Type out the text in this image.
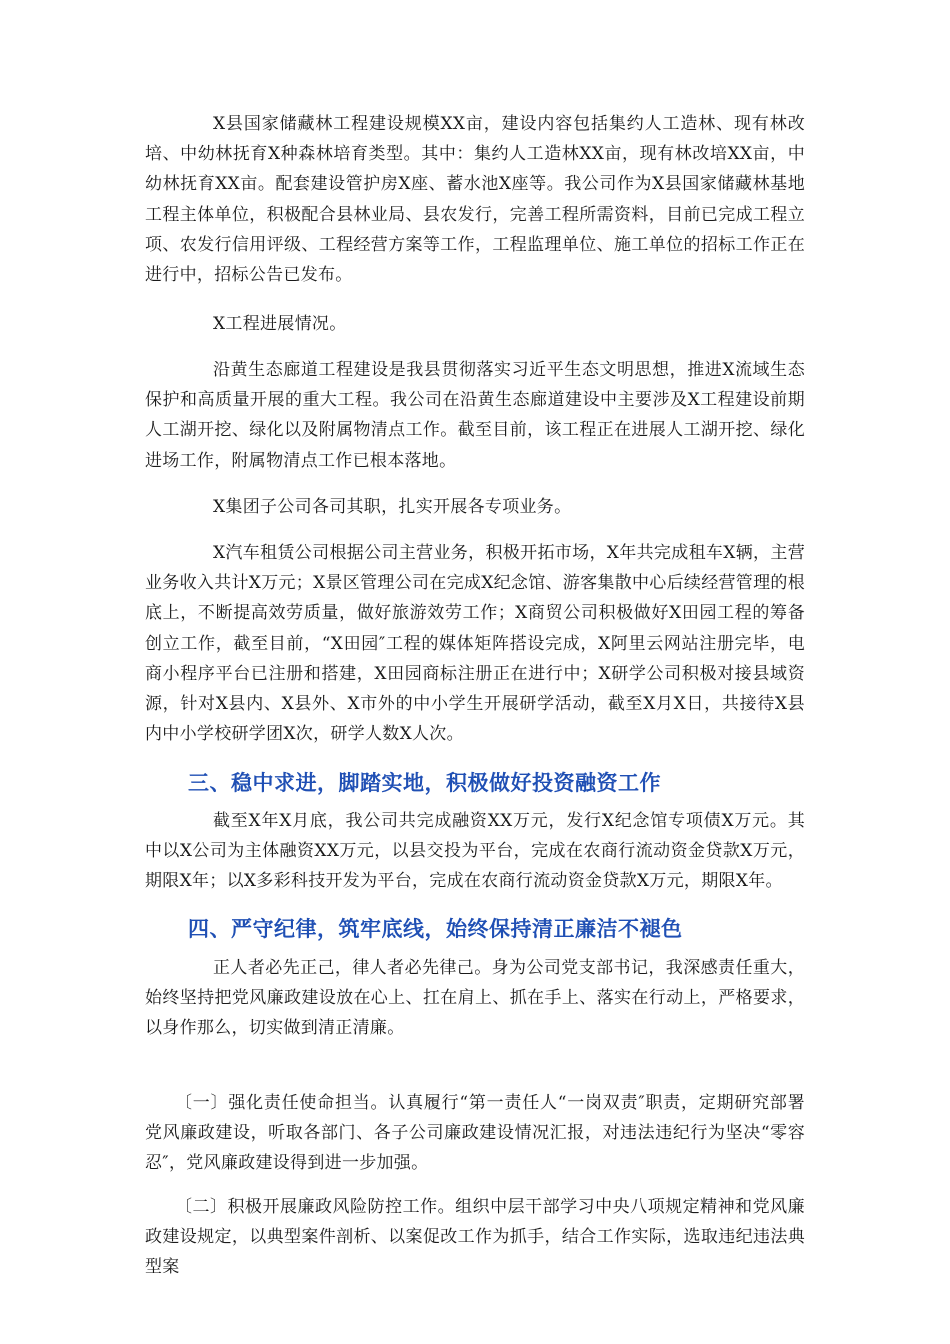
X县国家储藏林工程建设规模XX亩，建设内容包括集约人工造林、现有林改培、中幼林抚育X种森林培育类型。其中：集约人工造林XX亩，现有林改培XX亩，中幼林抚育XX亩。配套建设管护房X座、蓄水池X座等。我公司作为X县国家储藏林基地工程主体单位，积极配合县林业局、县农发行，完善工程所需资料，目前已完成工程立项、农发行信用评级、工程经营方案等工作，工程监理单位、施工单位的招标工作正在进行中，招标公告已发布。

X工程进展情况。

沿黄生态廊道工程建设是我县贯彻落实习近平生态文明思想，推进X流域生态保护和高质量开展的重大工程。我公司在沿黄生态廊道建设中主要涉及X工程建设前期人工湖开挖、绿化以及附属物清点工作。截至目前，该工程正在进展人工湖开挖、绿化进场工作，附属物清点工作已根本落地。

X集团子公司各司其职，扎实开展各专项业务。

X汽车租赁公司根据公司主营业务，积极开拓市场，X年共完成租车X辆，主营业务收入共计X万元；X景区管理公司在完成X纪念馆、游客集散中心后续经营管理的根底上，不断提高效劳质量，做好旅游效劳工作；X商贸公司积极做好X田园工程的筹备创立工作，截至目前，“X田园″工程的媒体矩阵搭设完成，X阿里云网站注册完毕，电商小程序平台已注册和搭建，X田园商标注册正在进行中；X研学公司积极对接县域资源，针对X县内、X县外、X市外的中小学生开展研学活动，截至X月X日，共接待X县内中小学校研学团X次，研学人数X人次。

三、稳中求进，脚踏实地，积极做好投资融资工作

截至X年X月底，我公司共完成融资XX万元，发行X纪念馆专项债X万元。其中以X公司为主体融资XX万元，以县交投为平台，完成在农商行流动资金贷款X万元，期限X年；以X多彩科技开发为平台，完成在农商行流动资金贷款X万元，期限X年。

四、严守纪律，筑牢底线，始终保持清正廉洁不褪色

正人者必先正己，律人者必先律己。身为公司党支部书记，我深感责任重大，始终坚持把党风廉政建设放在心上、扛在肩上、抓在手上、落实在行动上，严格要求，以身作那么，切实做到清正清廉。

〔一〕强化责任使命担当。认真履行“第一责任人“一岗双责″职责，定期研究部署党风廉政建设，听取各部门、各子公司廉政建设情况汇报，对违法违纪行为坚决“零容忍″，党风廉政建设得到进一步加强。

〔二〕积极开展廉政风险防控工作。组织中层干部学习中央八项规定精神和党风廉政建设规定，以典型案件剖析、以案促改工作为抓手，结合工作实际，选取违纪违法典型案
